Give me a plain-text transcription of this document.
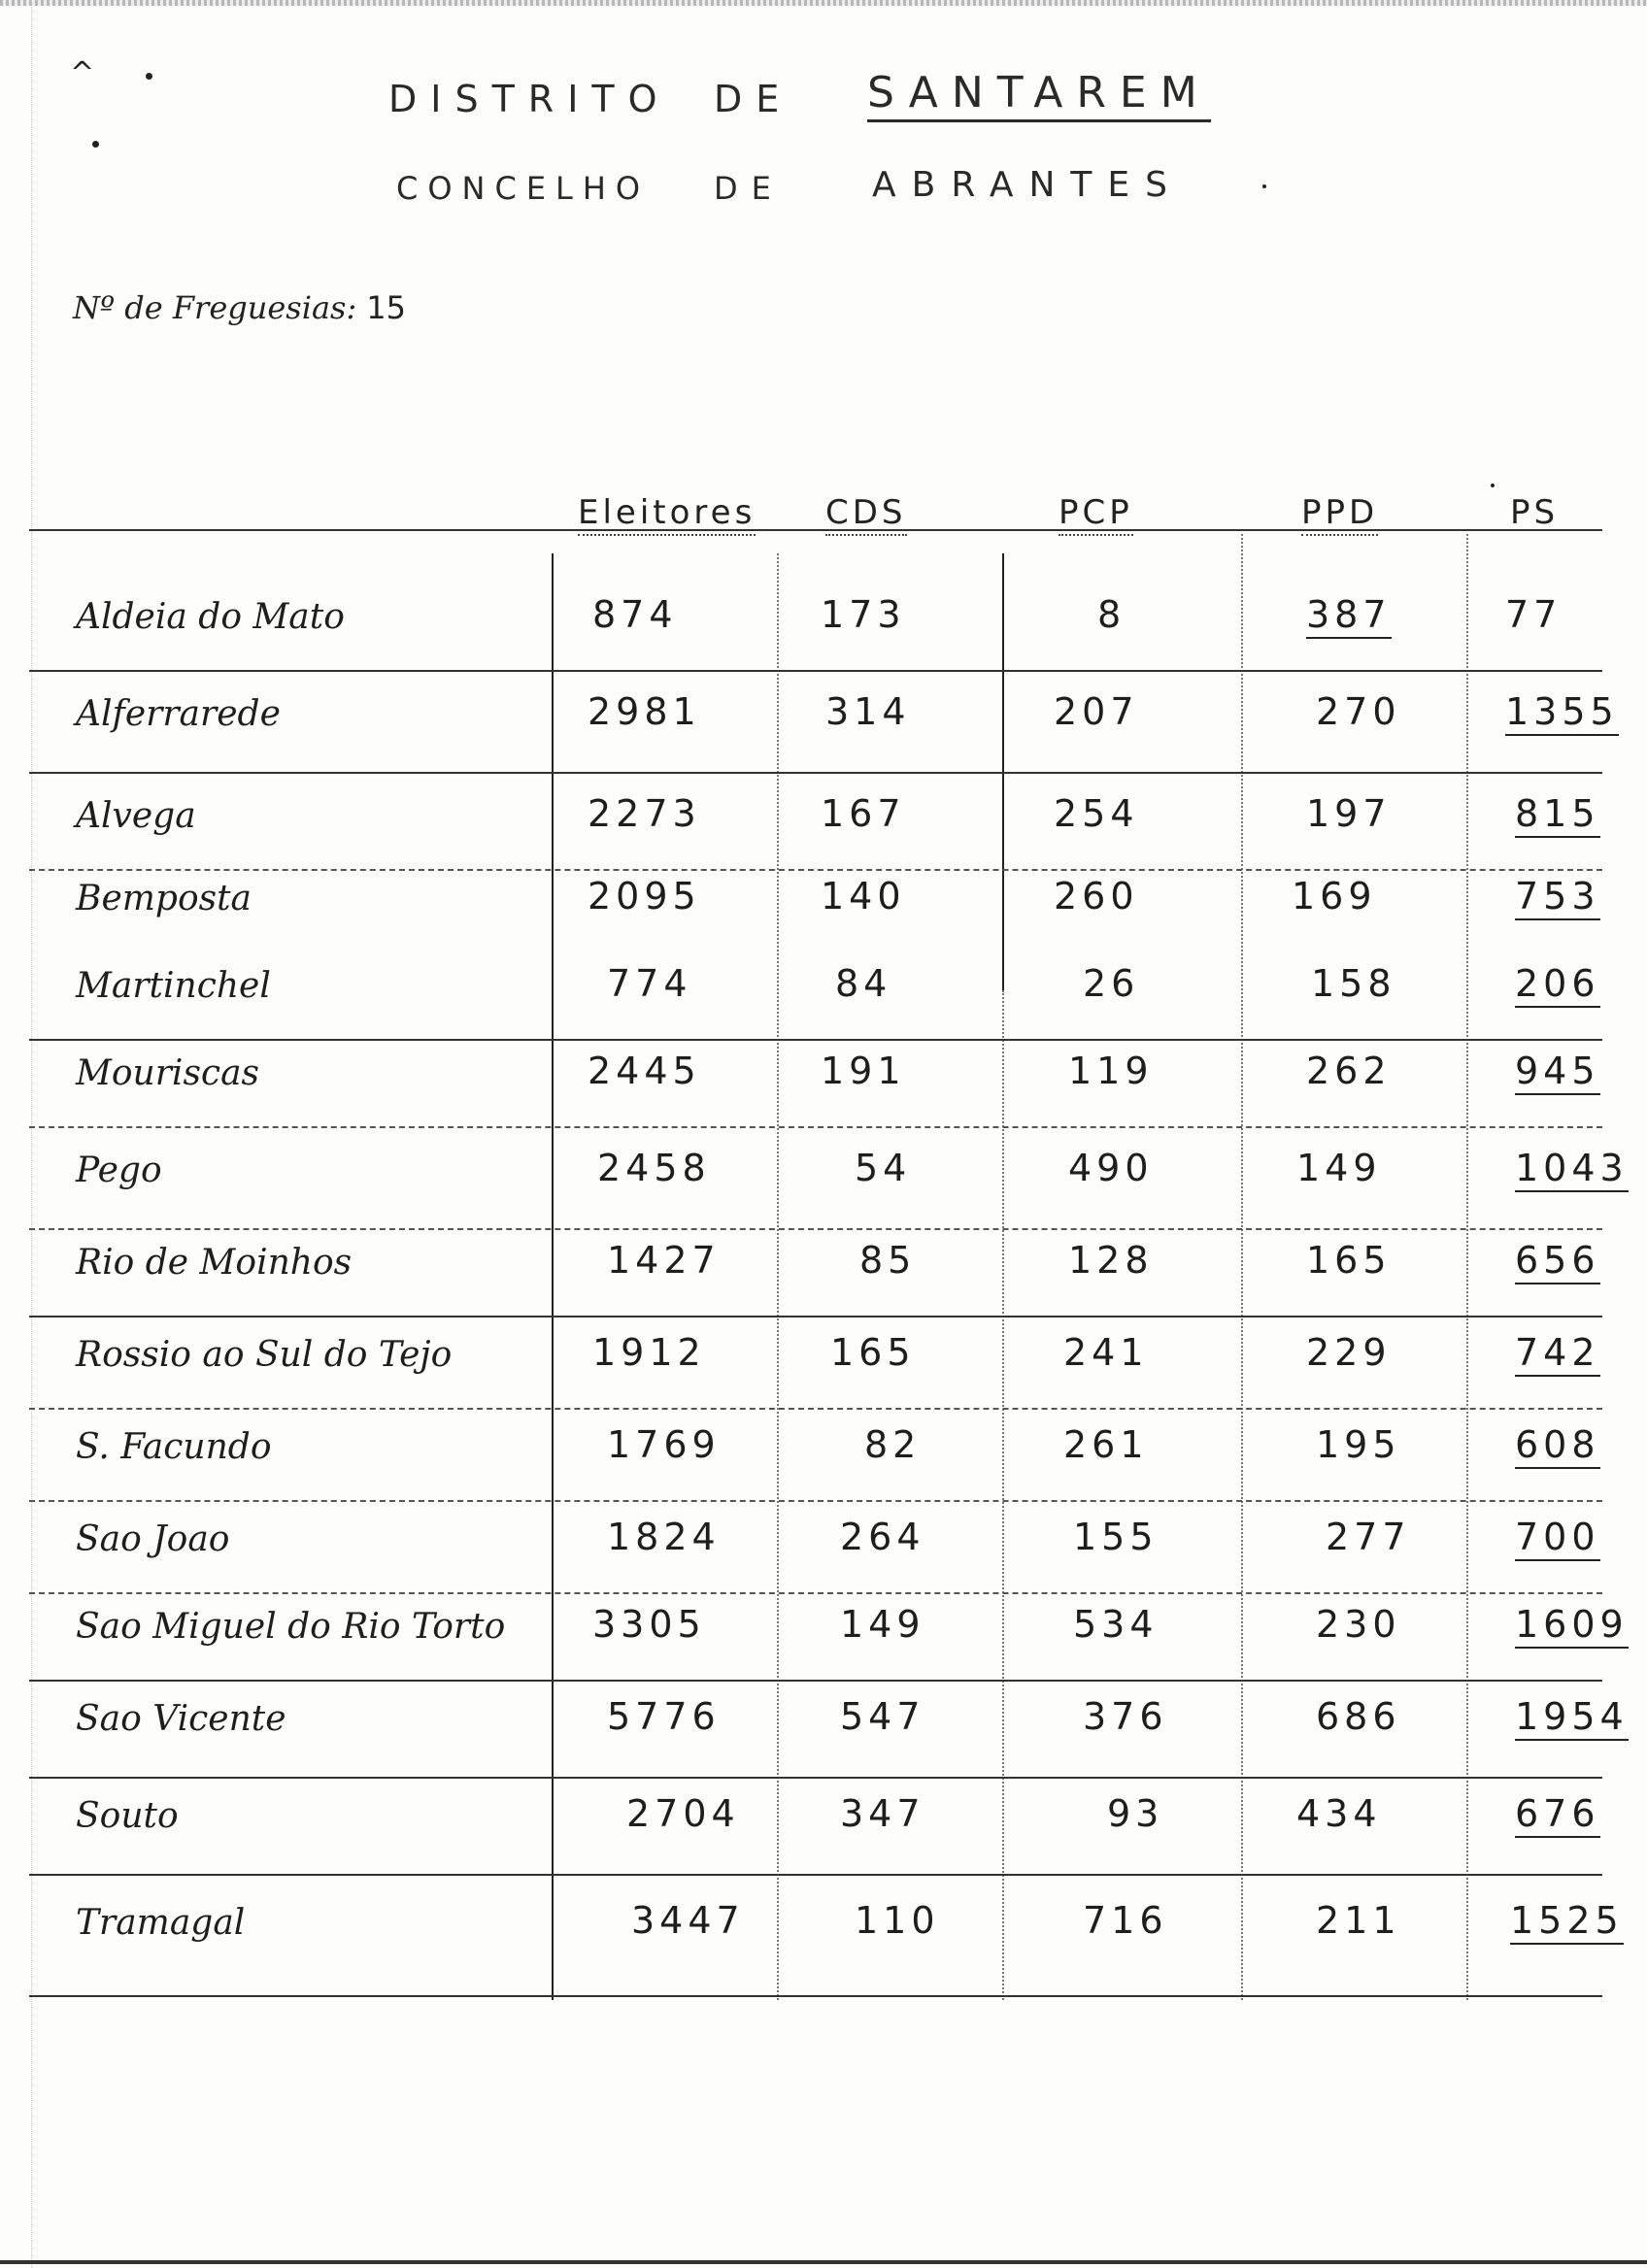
^
DISTRITO DE SANTAREM
CONCELHO DE	ABRANTES
Nº de Freguesias: 15
Eleitores CDS	PCP	PPD	PS
Aldeia do Mato	874	173	8	387	77
Alferrarede	2981	314	207	270	1355
Alvega	2273	167	254	197	815
Bemposta	2095	140	260	169	753
Martinchel	774	84	26	158	206
Mouriscas	2445	191	119	262	945
Pego	2458	54	490	149	1043
Rio de Moinhos	1427	85	128	165	656
Rossio ao Sul do Tejo	1912	165	241	229	742
S. Facundo	1769	82	261	195	608
Sao Joao	1824	264	155	277	700
Sao Miguel do Rio Torto 3305	149	534	230	1609
Sao Vicente	5776	547	376	686	1954
Souto	2704	347	93	434	676
Tramagal	3447	110	716	211	1525
